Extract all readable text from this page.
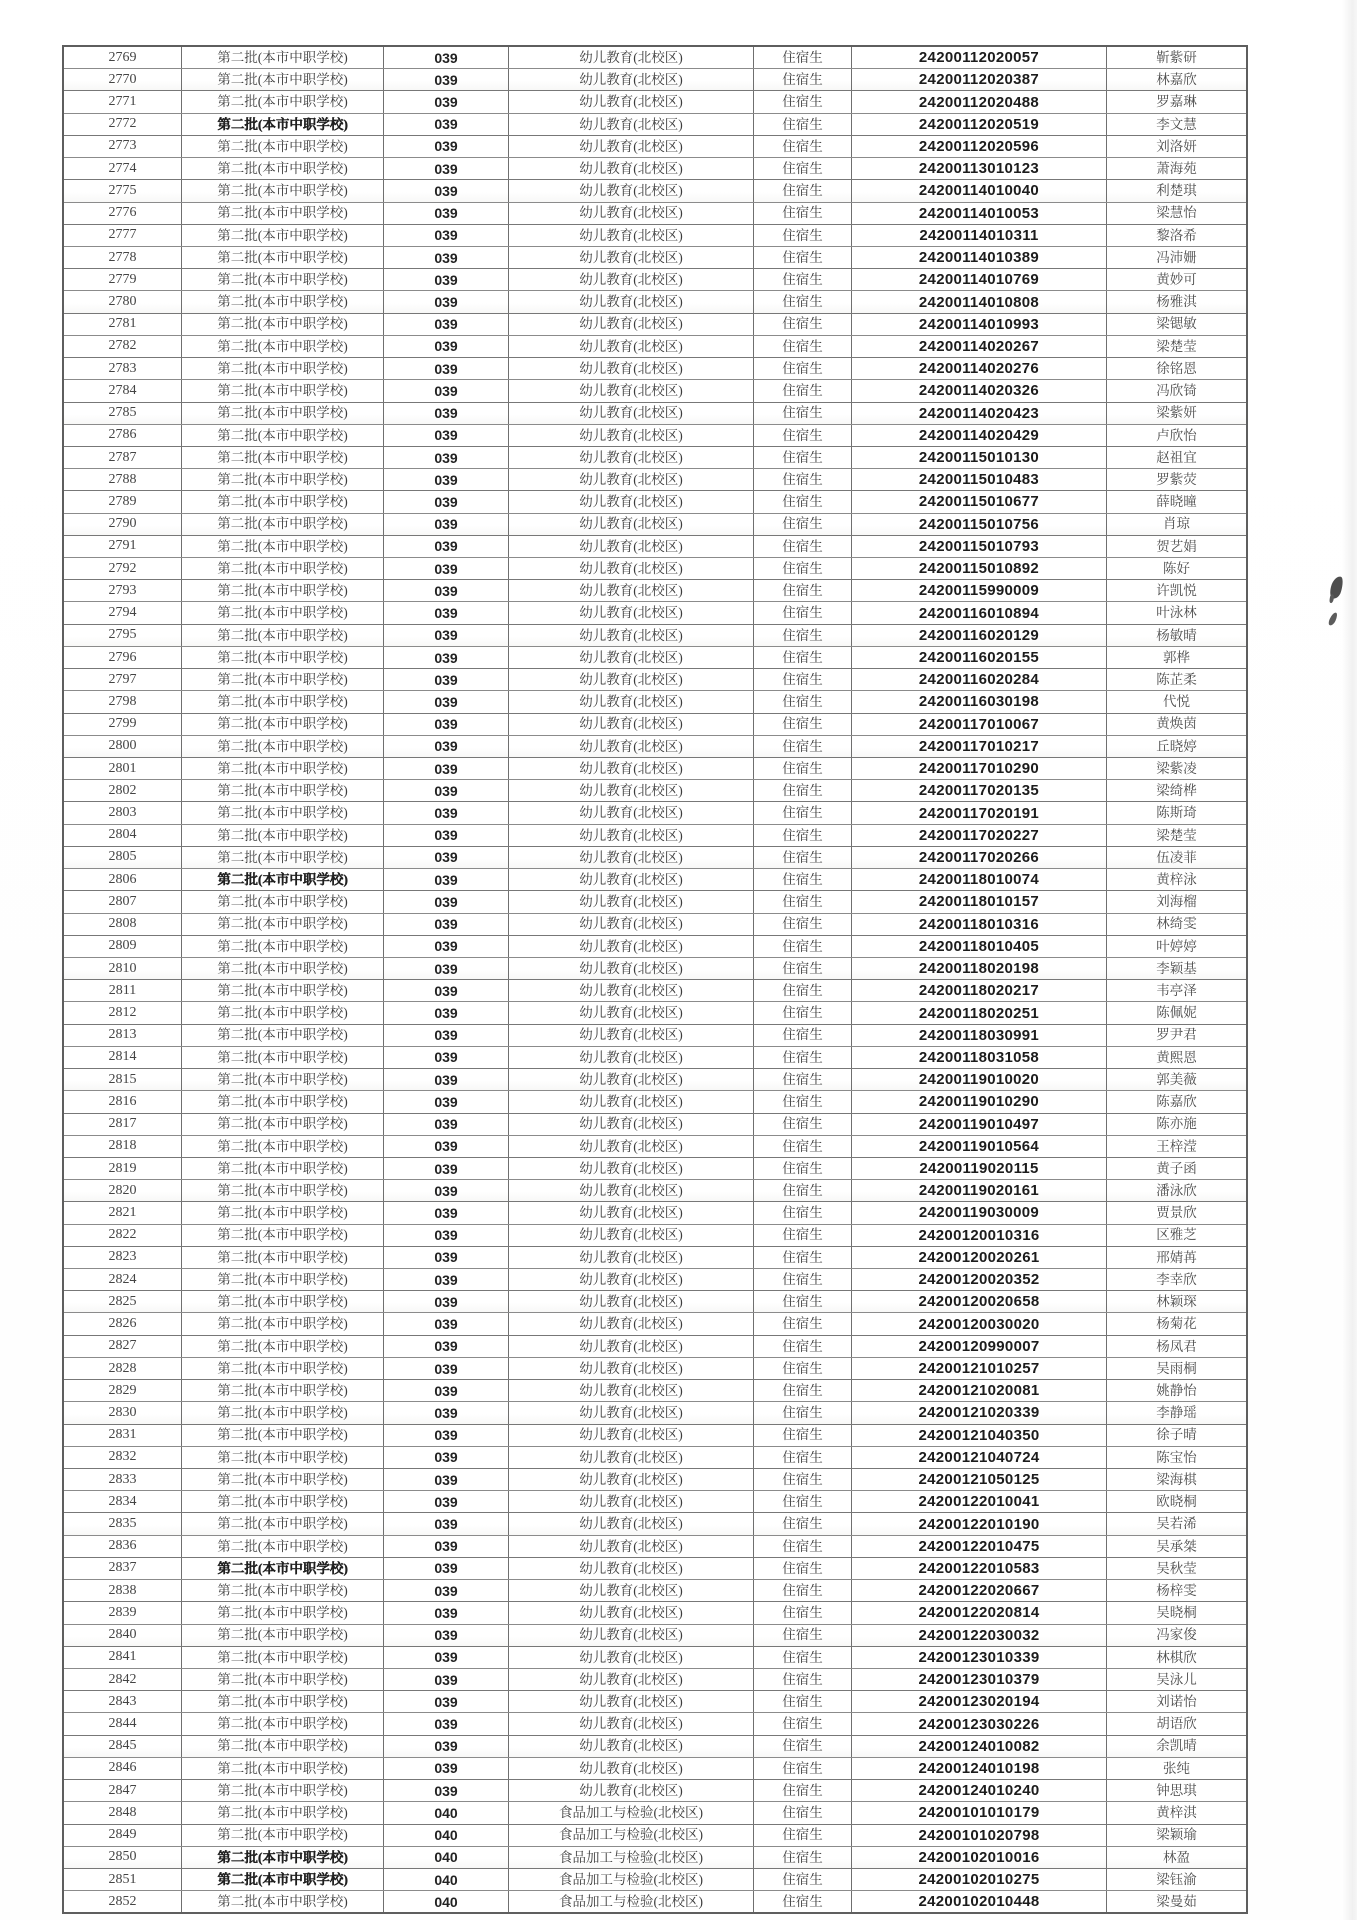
2769	第二批(本市中职学校)	039	幼儿教育(北校区)	住宿生	24200112020057	靳紫研
2770	第二批(本市中职学校)	039	幼儿教育(北校区)	住宿生	24200112020387	林嘉欣
2771	第二批(本市中职学校)	039	幼儿教育(北校区)	住宿生	24200112020488	罗嘉琳
2772	第二批(本市中职学校)	039	幼儿教育(北校区)	住宿生	24200112020519	李文慧
2773	第二批(本市中职学校)	039	幼儿教育(北校区)	住宿生	24200112020596	刘洛妍
2774	第二批(本市中职学校)	039	幼儿教育(北校区)	住宿生	24200113010123	萧海苑
2775	第二批(本市中职学校)	039	幼儿教育(北校区)	住宿生	24200114010040	利楚琪
2776	第二批(本市中职学校)	039	幼儿教育(北校区)	住宿生	24200114010053	梁慧怡
2777	第二批(本市中职学校)	039	幼儿教育(北校区)	住宿生	24200114010311	黎洛希
2778	第二批(本市中职学校)	039	幼儿教育(北校区)	住宿生	24200114010389	冯沛姗
2779	第二批(本市中职学校)	039	幼儿教育(北校区)	住宿生	24200114010769	黄妙可
2780	第二批(本市中职学校)	039	幼儿教育(北校区)	住宿生	24200114010808	杨雅淇
2781	第二批(本市中职学校)	039	幼儿教育(北校区)	住宿生	24200114010993	梁锶敏
2782	第二批(本市中职学校)	039	幼儿教育(北校区)	住宿生	24200114020267	梁楚莹
2783	第二批(本市中职学校)	039	幼儿教育(北校区)	住宿生	24200114020276	徐铭恩
2784	第二批(本市中职学校)	039	幼儿教育(北校区)	住宿生	24200114020326	冯欣锜
2785	第二批(本市中职学校)	039	幼儿教育(北校区)	住宿生	24200114020423	梁紫妍
2786	第二批(本市中职学校)	039	幼儿教育(北校区)	住宿生	24200114020429	卢欣怡
2787	第二批(本市中职学校)	039	幼儿教育(北校区)	住宿生	24200115010130	赵祖宜
2788	第二批(本市中职学校)	039	幼儿教育(北校区)	住宿生	24200115010483	罗紫荧
2789	第二批(本市中职学校)	039	幼儿教育(北校区)	住宿生	24200115010677	薛晓曈
2790	第二批(本市中职学校)	039	幼儿教育(北校区)	住宿生	24200115010756	肖琼
2791	第二批(本市中职学校)	039	幼儿教育(北校区)	住宿生	24200115010793	贺艺娟
2792	第二批(本市中职学校)	039	幼儿教育(北校区)	住宿生	24200115010892	陈好
2793	第二批(本市中职学校)	039	幼儿教育(北校区)	住宿生	24200115990009	许凯悦
2794	第二批(本市中职学校)	039	幼儿教育(北校区)	住宿生	24200116010894	叶泳林
2795	第二批(本市中职学校)	039	幼儿教育(北校区)	住宿生	24200116020129	杨敏晴
2796	第二批(本市中职学校)	039	幼儿教育(北校区)	住宿生	24200116020155	郭桦
2797	第二批(本市中职学校)	039	幼儿教育(北校区)	住宿生	24200116020284	陈芷柔
2798	第二批(本市中职学校)	039	幼儿教育(北校区)	住宿生	24200116030198	代悦
2799	第二批(本市中职学校)	039	幼儿教育(北校区)	住宿生	24200117010067	黄焕茵
2800	第二批(本市中职学校)	039	幼儿教育(北校区)	住宿生	24200117010217	丘晓婷
2801	第二批(本市中职学校)	039	幼儿教育(北校区)	住宿生	24200117010290	梁紫凌
2802	第二批(本市中职学校)	039	幼儿教育(北校区)	住宿生	24200117020135	梁绮桦
2803	第二批(本市中职学校)	039	幼儿教育(北校区)	住宿生	24200117020191	陈斯琦
2804	第二批(本市中职学校)	039	幼儿教育(北校区)	住宿生	24200117020227	梁楚莹
2805	第二批(本市中职学校)	039	幼儿教育(北校区)	住宿生	24200117020266	伍凌菲
2806	第二批(本市中职学校)	039	幼儿教育(北校区)	住宿生	24200118010074	黄梓泳
2807	第二批(本市中职学校)	039	幼儿教育(北校区)	住宿生	24200118010157	刘海榴
2808	第二批(本市中职学校)	039	幼儿教育(北校区)	住宿生	24200118010316	林绮雯
2809	第二批(本市中职学校)	039	幼儿教育(北校区)	住宿生	24200118010405	叶婷婷
2810	第二批(本市中职学校)	039	幼儿教育(北校区)	住宿生	24200118020198	李颖基
2811	第二批(本市中职学校)	039	幼儿教育(北校区)	住宿生	24200118020217	韦亭泽
2812	第二批(本市中职学校)	039	幼儿教育(北校区)	住宿生	24200118020251	陈佩妮
2813	第二批(本市中职学校)	039	幼儿教育(北校区)	住宿生	24200118030991	罗尹君
2814	第二批(本市中职学校)	039	幼儿教育(北校区)	住宿生	24200118031058	黄熙恩
2815	第二批(本市中职学校)	039	幼儿教育(北校区)	住宿生	24200119010020	郭美薇
2816	第二批(本市中职学校)	039	幼儿教育(北校区)	住宿生	24200119010290	陈嘉欣
2817	第二批(本市中职学校)	039	幼儿教育(北校区)	住宿生	24200119010497	陈亦施
2818	第二批(本市中职学校)	039	幼儿教育(北校区)	住宿生	24200119010564	王梓滢
2819	第二批(本市中职学校)	039	幼儿教育(北校区)	住宿生	24200119020115	黄子函
2820	第二批(本市中职学校)	039	幼儿教育(北校区)	住宿生	24200119020161	潘泳欣
2821	第二批(本市中职学校)	039	幼儿教育(北校区)	住宿生	24200119030009	贾景欣
2822	第二批(本市中职学校)	039	幼儿教育(北校区)	住宿生	24200120010316	区雅芝
2823	第二批(本市中职学校)	039	幼儿教育(北校区)	住宿生	24200120020261	邢婧苒
2824	第二批(本市中职学校)	039	幼儿教育(北校区)	住宿生	24200120020352	李幸欣
2825	第二批(本市中职学校)	039	幼儿教育(北校区)	住宿生	24200120020658	林颖琛
2826	第二批(本市中职学校)	039	幼儿教育(北校区)	住宿生	24200120030020	杨菊花
2827	第二批(本市中职学校)	039	幼儿教育(北校区)	住宿生	24200120990007	杨凤君
2828	第二批(本市中职学校)	039	幼儿教育(北校区)	住宿生	24200121010257	吴雨桐
2829	第二批(本市中职学校)	039	幼儿教育(北校区)	住宿生	24200121020081	姚静怡
2830	第二批(本市中职学校)	039	幼儿教育(北校区)	住宿生	24200121020339	李静瑶
2831	第二批(本市中职学校)	039	幼儿教育(北校区)	住宿生	24200121040350	徐子晴
2832	第二批(本市中职学校)	039	幼儿教育(北校区)	住宿生	24200121040724	陈宝怡
2833	第二批(本市中职学校)	039	幼儿教育(北校区)	住宿生	24200121050125	梁海棋
2834	第二批(本市中职学校)	039	幼儿教育(北校区)	住宿生	24200122010041	欧晓桐
2835	第二批(本市中职学校)	039	幼儿教育(北校区)	住宿生	24200122010190	吴若浠
2836	第二批(本市中职学校)	039	幼儿教育(北校区)	住宿生	24200122010475	吴承桀
2837	第二批(本市中职学校)	039	幼儿教育(北校区)	住宿生	24200122010583	吴秋莹
2838	第二批(本市中职学校)	039	幼儿教育(北校区)	住宿生	24200122020667	杨梓雯
2839	第二批(本市中职学校)	039	幼儿教育(北校区)	住宿生	24200122020814	吴晓桐
2840	第二批(本市中职学校)	039	幼儿教育(北校区)	住宿生	24200122030032	冯家俊
2841	第二批(本市中职学校)	039	幼儿教育(北校区)	住宿生	24200123010339	林棋欣
2842	第二批(本市中职学校)	039	幼儿教育(北校区)	住宿生	24200123010379	吴泳儿
2843	第二批(本市中职学校)	039	幼儿教育(北校区)	住宿生	24200123020194	刘诺怡
2844	第二批(本市中职学校)	039	幼儿教育(北校区)	住宿生	24200123030226	胡语欣
2845	第二批(本市中职学校)	039	幼儿教育(北校区)	住宿生	24200124010082	余凯晴
2846	第二批(本市中职学校)	039	幼儿教育(北校区)	住宿生	24200124010198	张纯
2847	第二批(本市中职学校)	039	幼儿教育(北校区)	住宿生	24200124010240	钟思琪
2848	第二批(本市中职学校)	040	食品加工与检验(北校区)	住宿生	24200101010179	黄梓淇
2849	第二批(本市中职学校)	040	食品加工与检验(北校区)	住宿生	24200101020798	梁颖瑜
2850	第二批(本市中职学校)	040	食品加工与检验(北校区)	住宿生	24200102010016	林盈
2851	第二批(本市中职学校)	040	食品加工与检验(北校区)	住宿生	24200102010275	梁钰渝
2852	第二批(本市中职学校)	040	食品加工与检验(北校区)	住宿生	24200102010448	梁曼茹
